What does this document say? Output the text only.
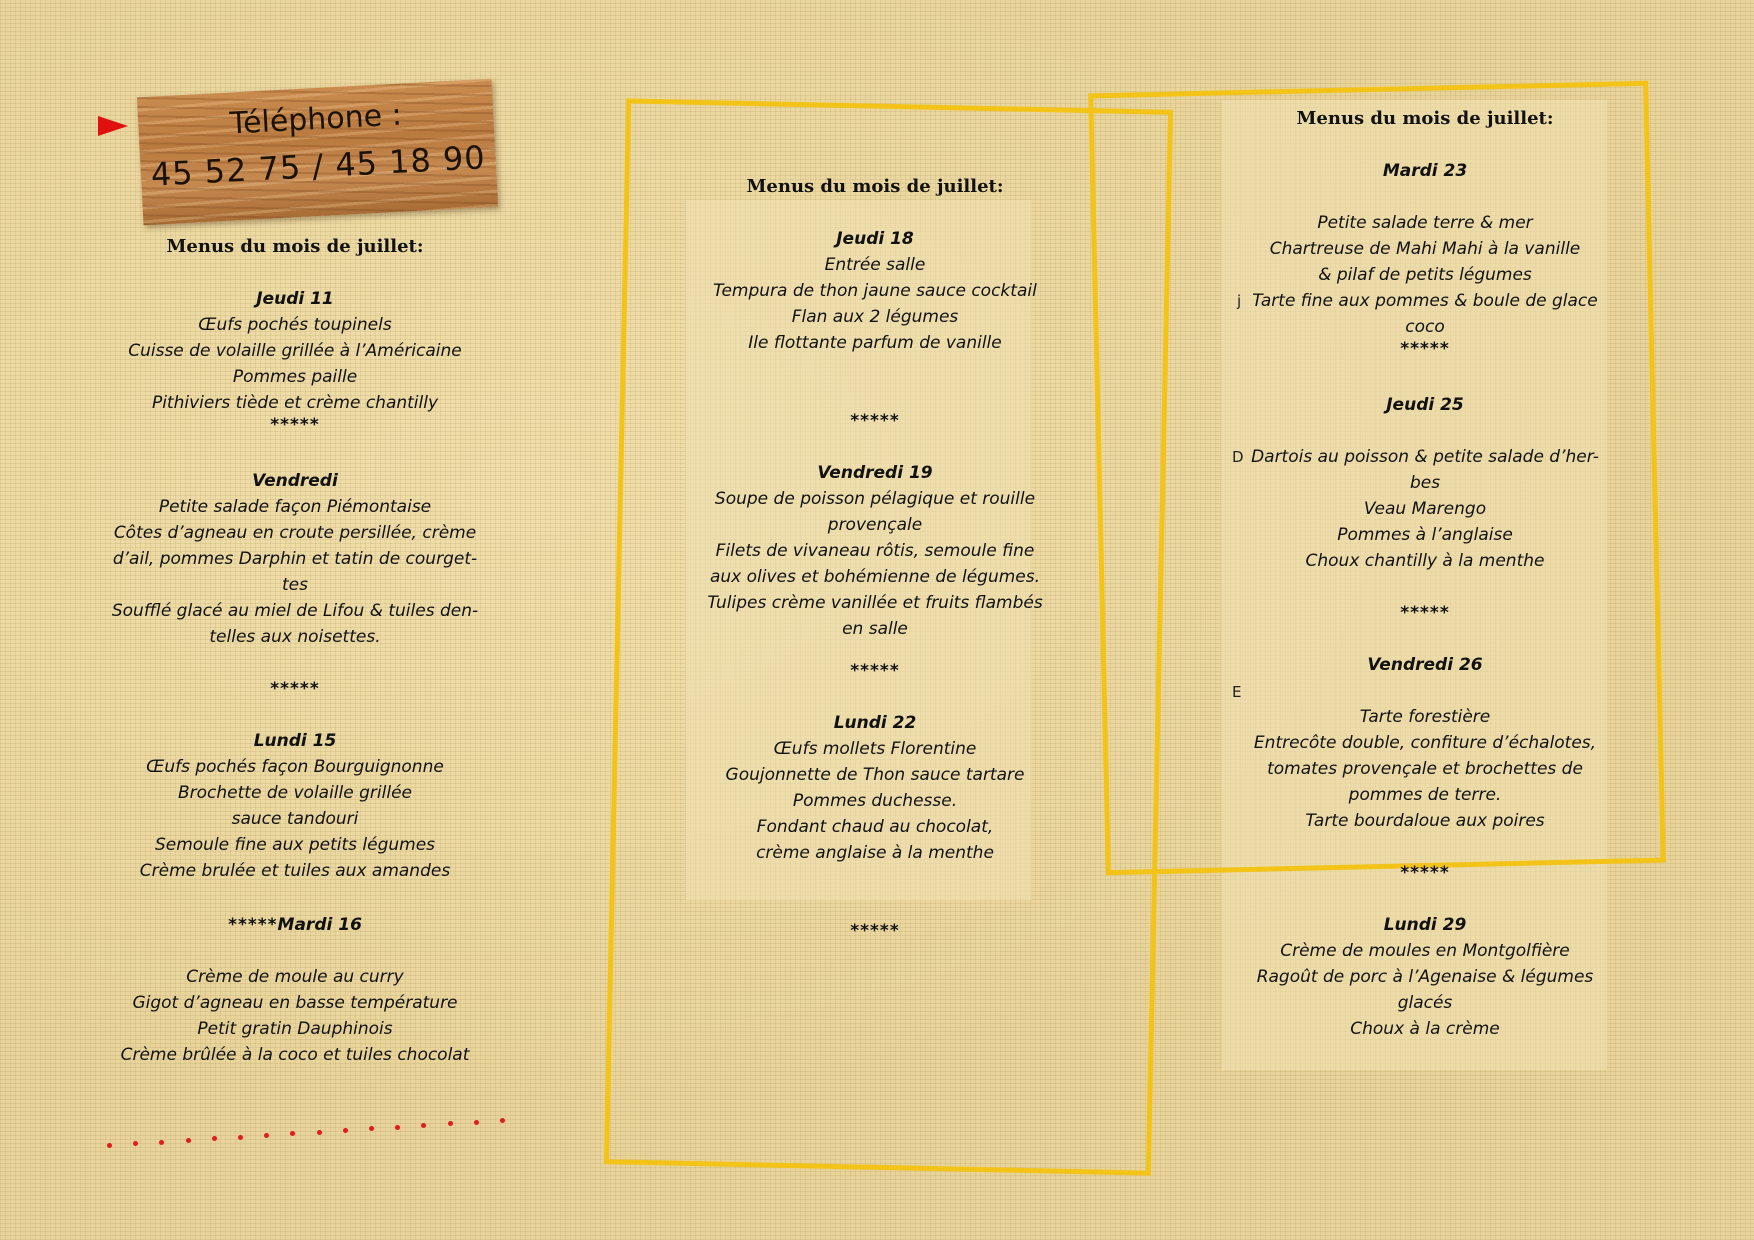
Téléphone :
45 52 75 / 45 18 90
Menus du mois de juillet:
Jeudi 11
Œufs pochés toupinels
Cuisse de volaille grillée à l’Américaine
Pommes paille
Pithiviers tiède et crème chantilly
*****
Vendredi
Petite salade façon Piémontaise
Côtes d’agneau en croute persillée, crème
d’ail, pommes Darphin et tatin de courget-
tes
Soufflé glacé au miel de Lifou & tuiles den-
telles aux noisettes.
*****
Lundi 15
Œufs pochés façon Bourguignonne
Brochette de volaille grillée
sauce tandouri
Semoule fine aux petits légumes
Crème brulée et tuiles aux amandes
*****Mardi 16
Crème de moule au curry
Gigot d’agneau en basse température
Petit gratin Dauphinois
Crème brûlée à la coco et tuiles chocolat
Menus du mois de juillet:
Jeudi 18
Entrée salle
Tempura de thon jaune sauce cocktail
Flan aux 2 légumes
Ile flottante parfum de vanille
*****
Vendredi 19
Soupe de poisson pélagique et rouille
provençale
Filets de vivaneau rôtis, semoule fine
aux olives et bohémienne de légumes.
Tulipes crème vanillée et fruits flambés
en salle
*****
Lundi 22
Œufs mollets Florentine
Goujonnette de Thon sauce tartare
Pommes duchesse.
Fondant chaud au chocolat,
crème anglaise à la menthe
*****
Menus du mois de juillet:
Mardi 23
Petite salade terre & mer
Chartreuse de Mahi Mahi à la vanille
& pilaf de petits légumes
Tarte fine aux pommes & boule de glace
coco
*****
Jeudi 25
Dartois au poisson & petite salade d’her-
bes
Veau Marengo
Pommes à l’anglaise
Choux chantilly à la menthe
*****
Vendredi 26
Tarte forestière
Entrecôte double, confiture d’échalotes,
tomates provençale et brochettes de
pommes de terre.
Tarte bourdaloue aux poires
*****
Lundi 29
Crème de moules en Montgolfière
Ragoût de porc à l’Agenaise & légumes
glacés
Choux à la crème
j
D
E
